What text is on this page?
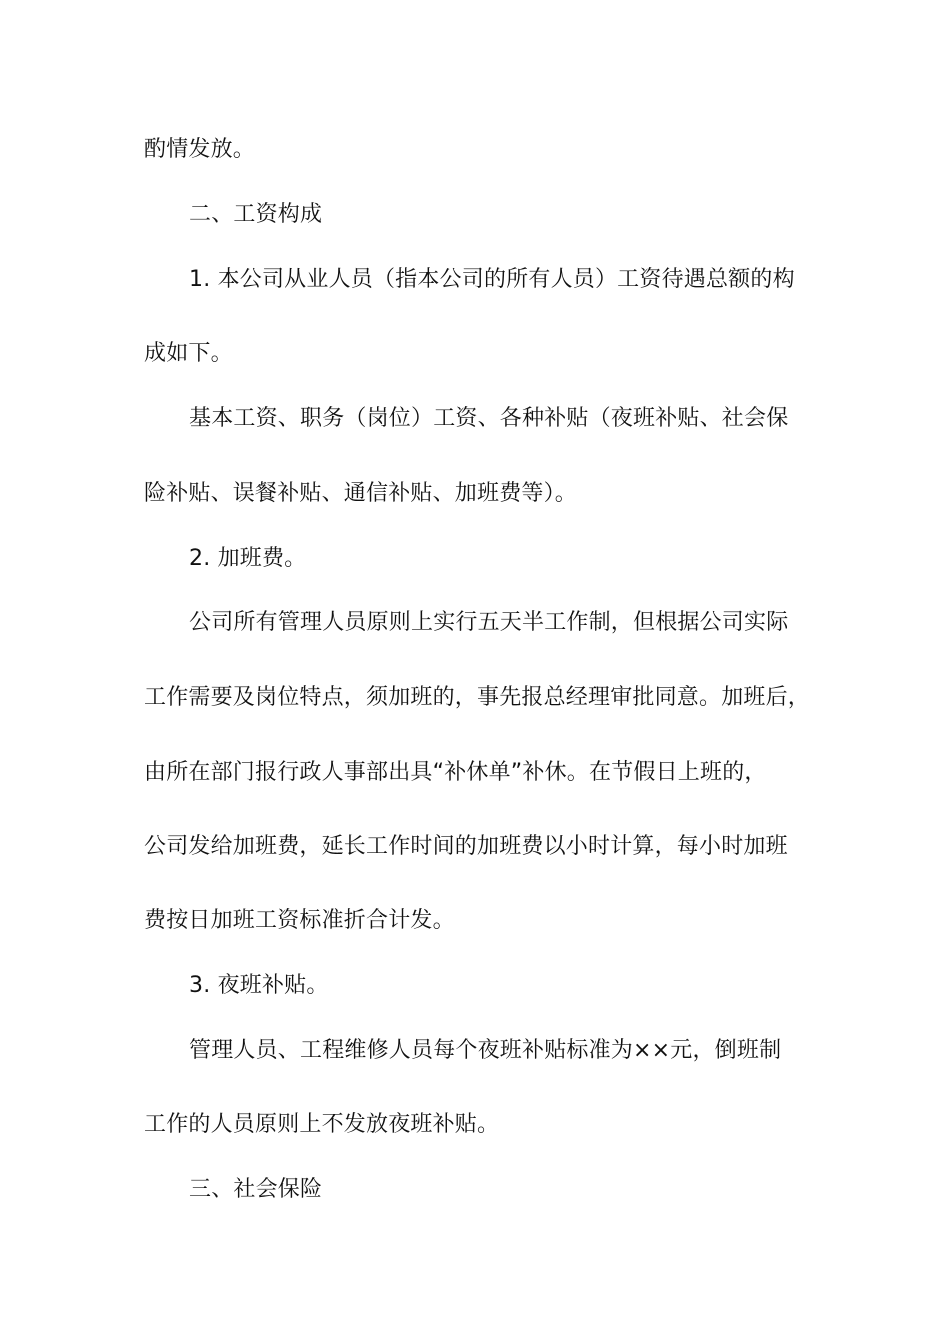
酌情发放。
二、工资构成
1. 本公司从业人员（指本公司的所有人员）工资待遇总额的构
成如下。
基本工资、职务（岗位）工资、各种补贴（夜班补贴、社会保
险补贴、误餐补贴、通信补贴、加班费等）。
2. 加班费。
公司所有管理人员原则上实行五天半工作制，但根据公司实际
工作需要及岗位特点，须加班的，事先报总经理审批同意。加班后，
由所在部门报行政人事部出具“补休单”补休。在节假日上班的，
公司发给加班费，延长工作时间的加班费以小时计算，每小时加班
费按日加班工资标准折合计发。
3. 夜班补贴。
管理人员、工程维修人员每个夜班补贴标准为××元，倒班制
工作的人员原则上不发放夜班补贴。
三、社会保险
